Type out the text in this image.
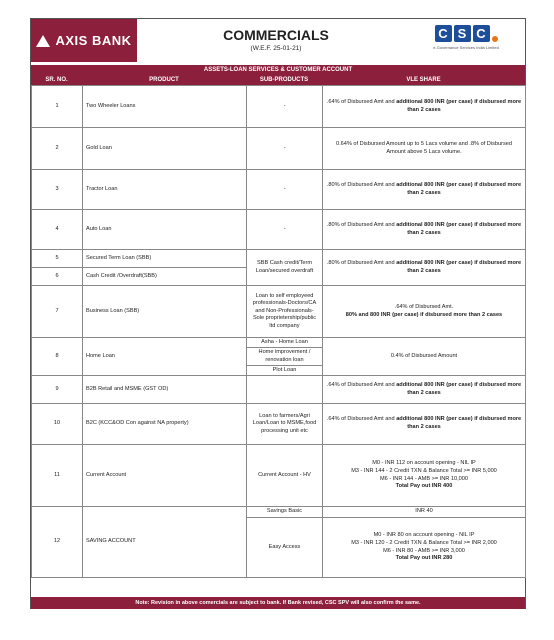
AXIS BANK	COMMERCIALS
(W.E.F. 25-01-21)
C S C
e-Governance Services India Limited
ASSETS-LOAN SERVICES & CUSTOMER ACCOUNT
SR. NO.	PRODUCT	SUB-PRODUCTS	VLE SHARE
1	Two Wheeler Loans	-	.64% of Disbursed Amt and additional 800 INR (per case) if disbursed more than 2 cases
2	Gold Loan	-	0.64% of Disbursed Amount up to 5 Lacs volume and .8% of Disbursed Amount above 5 Lacs volume.
3	Tractor Loan	-	.80% of Disbursed Amt and additional 800 INR (per case) if disbursed more than 2 cases
4	Auto Loan	-	.80% of Disbursed Amt and additional 800 INR (per case) if disbursed more than 2 cases
5	Secured Term Loan (SBB)	SBB Cash credit/Term Loan/secured overdraft	.80% of Disbursed Amt and additional 800 INR (per case) if disbursed more than 2 cases
6	Cash Credit /Overdraft(SBB)		
7	Business Loan (SBB)	Loan to self employeed professionals-Doctors/CA and Non-Professionals-Sole proprietership/public ltd company	.64% of Disbursed Amt.
80% and 800 INR (per case) if disbursed more than 2 cases
8	Home Loan	Asha - Home Loan	0.4% of Disbursed Amount
		Home improvement / renovation loan	
		Plot Loan	
9	B2B Retail and MSME (GST OD)		.64% of Disbursed Amt and additional 800 INR (per case) if disbursed more than 2 cases
10	B2C (KCC&OD Con against NA property)	Loan to farmers/Agri Loan/Loan to MSME,food processing unit etc	.64% of Disbursed Amt and additional 800 INR (per case) if disbursed more than 2 cases
11	Current Account	Current Account - HV	M0 - INR 112 on account opening - NIL IP
M3 - INR 144 - 2 Credit TXN & Balance Total >= INR 5,000
M6 - INR 144 - AMB >= INR 10,000
Total Pay out INR 400

12	SAVING ACCOUNT	Savings Basic	INR 40
		Easy Access	M0 - INR 80 on account opening - NIL IP
M3 - INR 120 - 2 Credit TXN & Balance Total >= INR 2,000
M6 - INR 80 - AMB >= INR 3,000
Total Pay out INR 280
Note: Revision in above comercials are subject to bank. If Bank revised, CSC SPV will also confirm the same.
